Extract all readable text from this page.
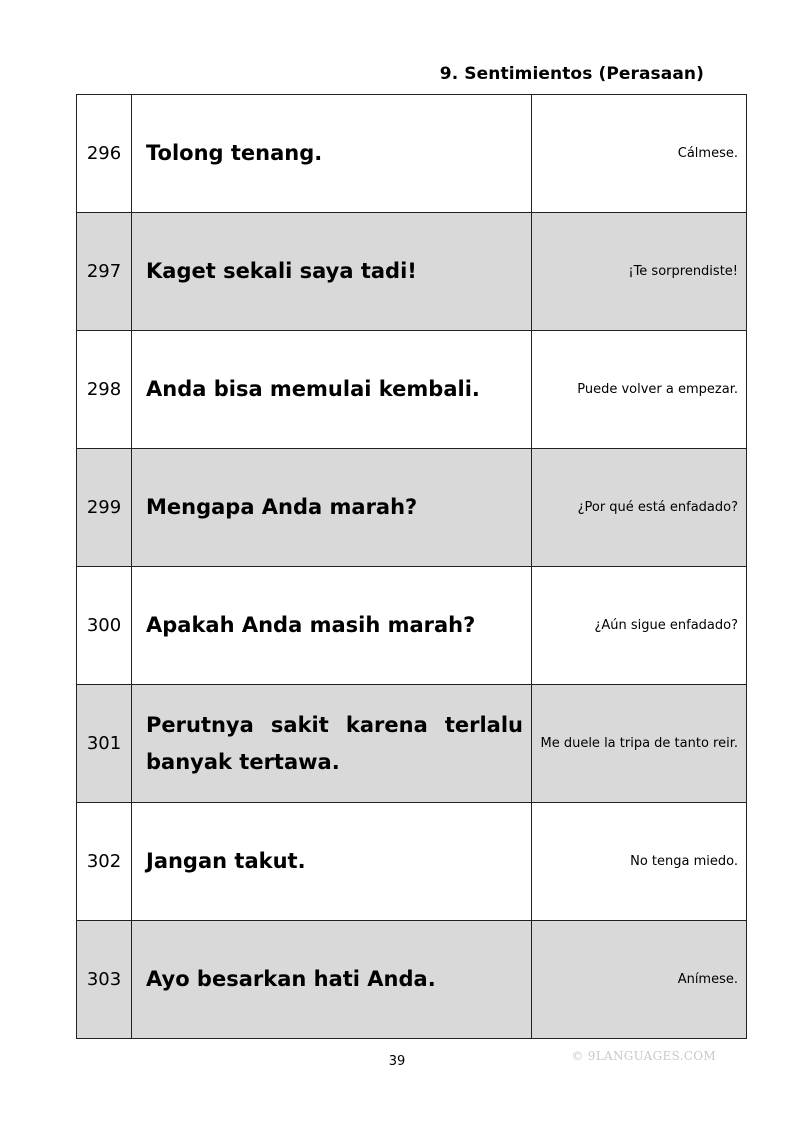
9. Sentimientos (Perasaan)
296	Tolong tenang.	Cálmese.
297	Kaget sekali saya tadi!	¡Te sorprendiste!
298	Anda bisa memulai kembali.	Puede volver a empezar.
299	Mengapa Anda marah?	¿Por qué está enfadado?
300	Apakah Anda masih marah?	¿Aún sigue enfadado?
301	Perutnya sakit karena terlalu banyak tertawa.	Me duele la tripa de tanto reir.
302	Jangan takut.	No tenga miedo.
303	Ayo besarkan hati Anda.	Anímese.
39	© 9LANGUAGES.COM
